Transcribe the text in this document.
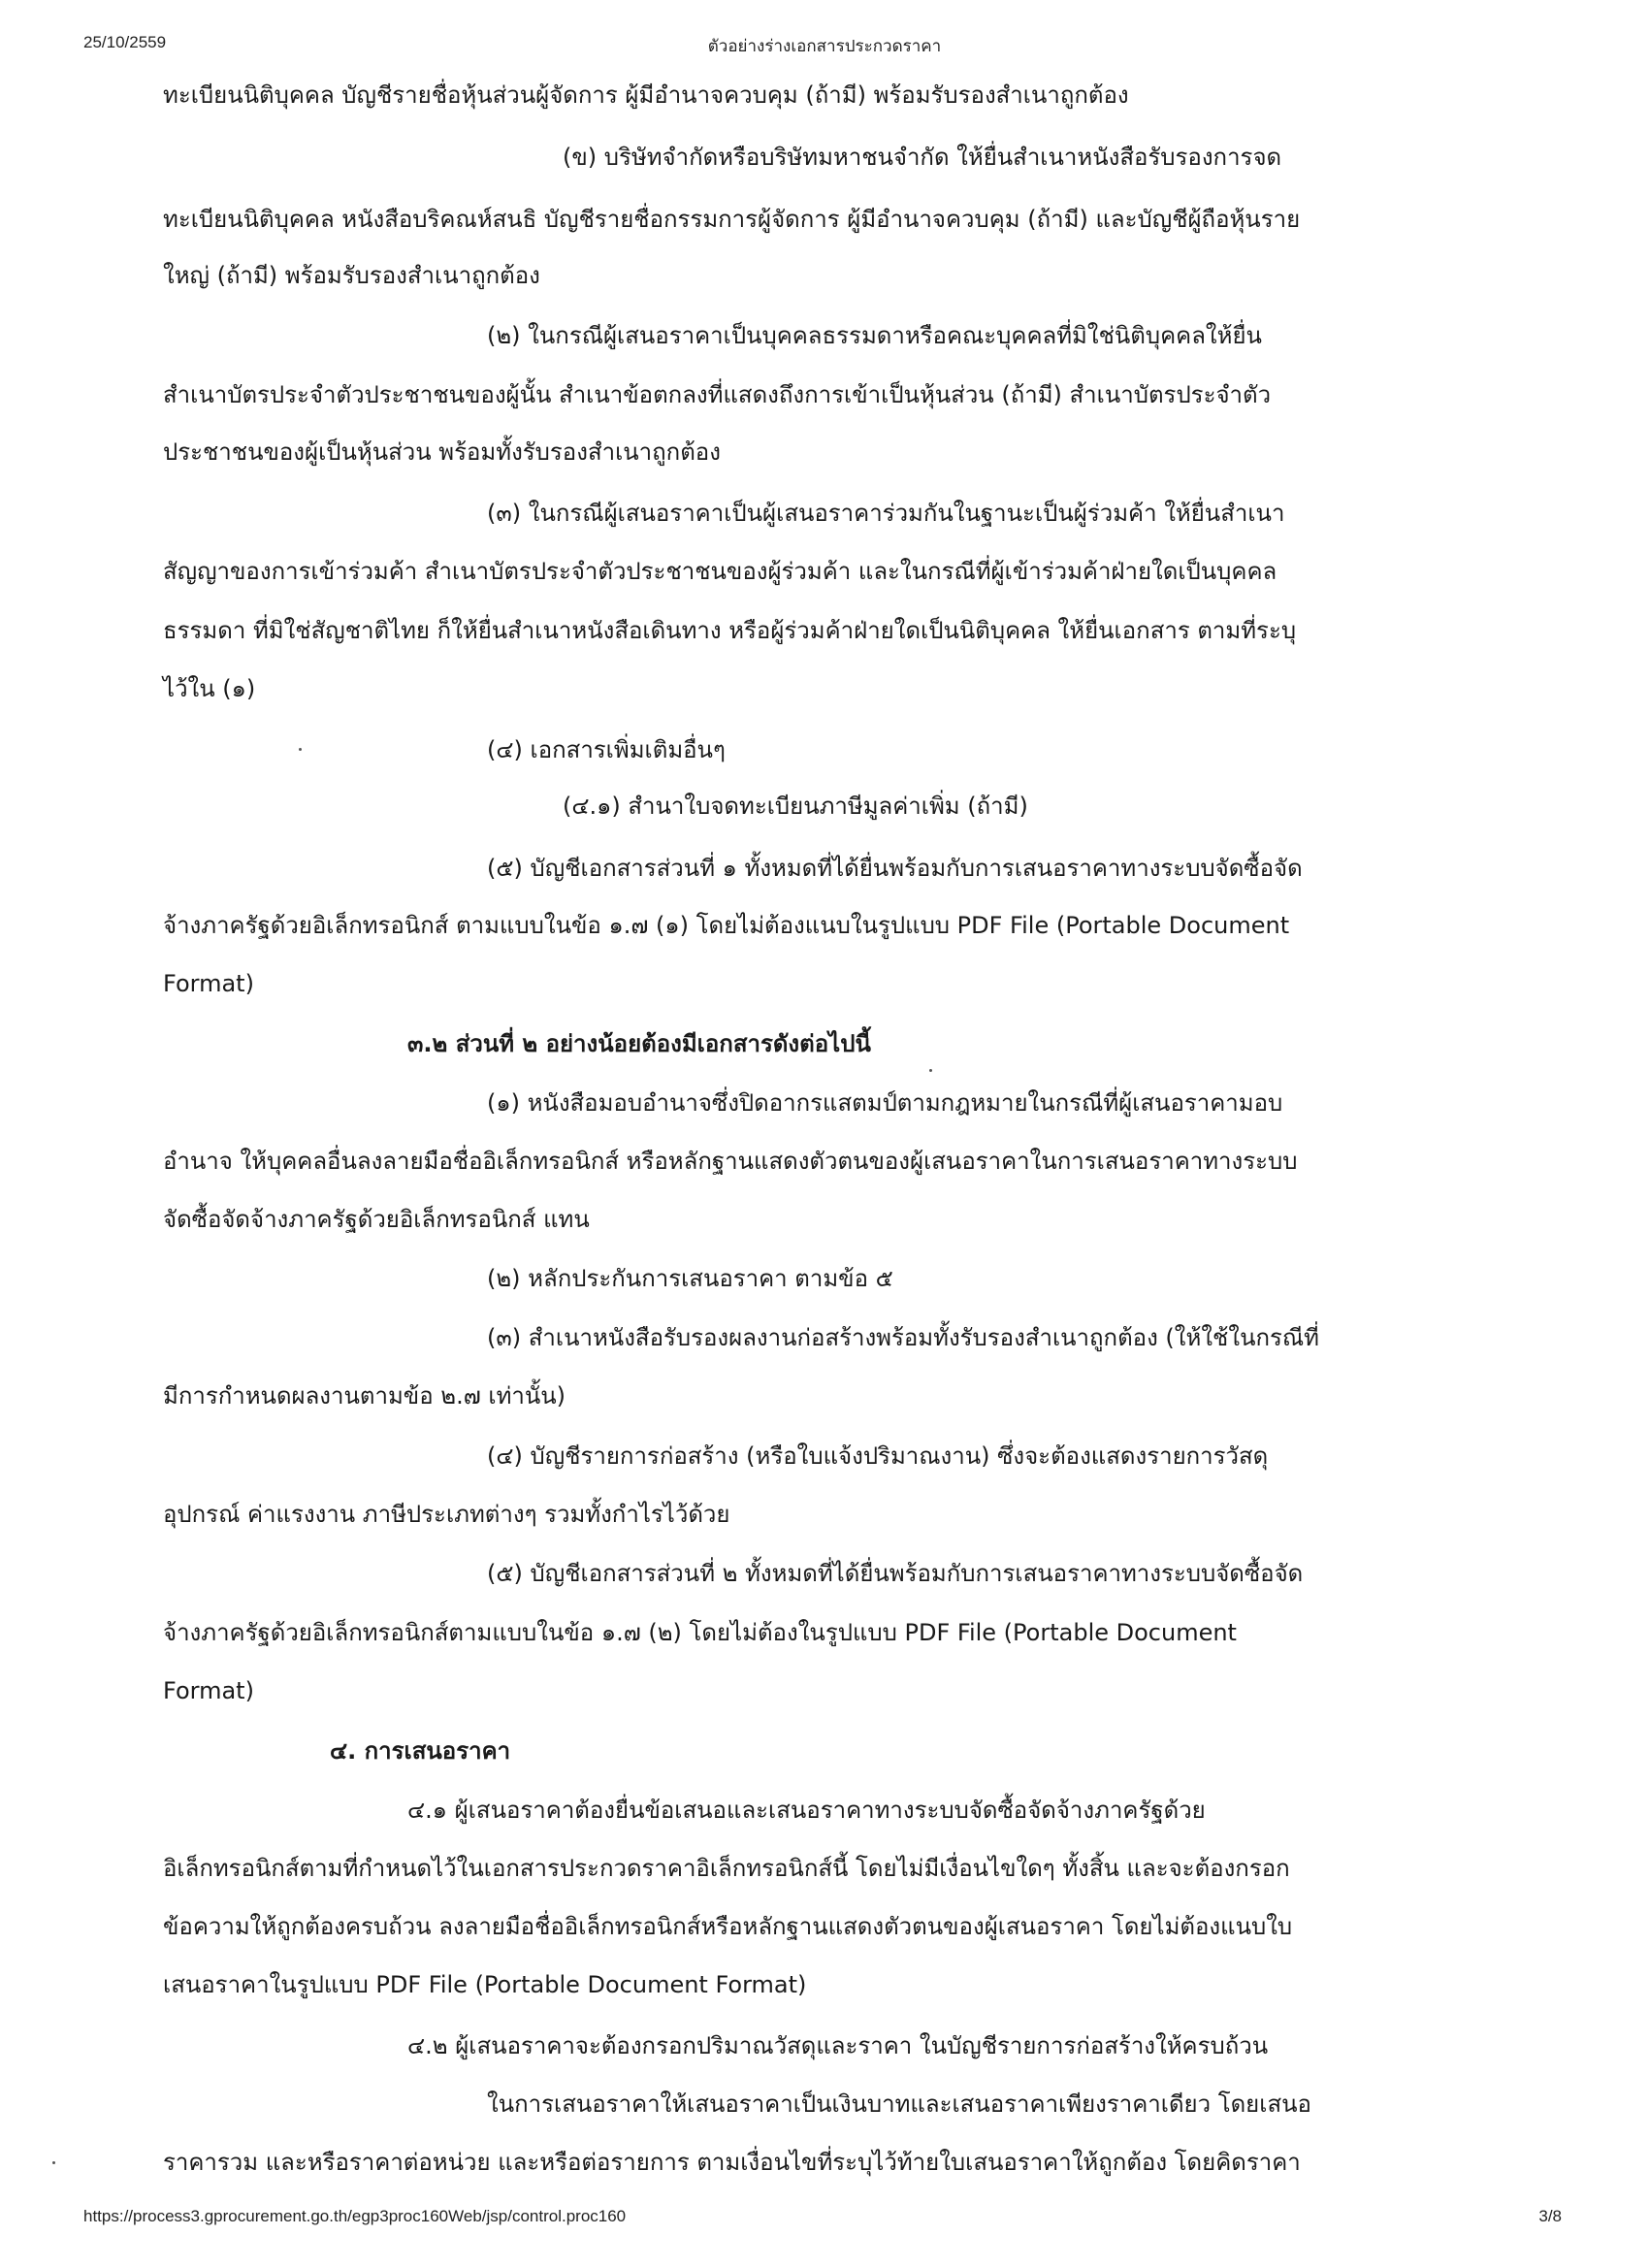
25/10/2559	ตัวอย่างร่างเอกสารประกวดราคา

ทะเบียนนิติบุคคล บัญชีรายชื่อหุ้นส่วนผู้จัดการ ผู้มีอำนาจควบคุม (ถ้ามี) พร้อมรับรองสำเนาถูกต้อง

(ข) บริษัทจำกัดหรือบริษัทมหาชนจำกัด ให้ยื่นสำเนาหนังสือรับรองการจด

ทะเบียนนิติบุคคล หนังสือบริคณห์สนธิ บัญชีรายชื่อกรรมการผู้จัดการ ผู้มีอำนาจควบคุม (ถ้ามี) และบัญชีผู้ถือหุ้นราย

ใหญ่ (ถ้ามี) พร้อมรับรองสำเนาถูกต้อง

(๒) ในกรณีผู้เสนอราคาเป็นบุคคลธรรมดาหรือคณะบุคคลที่มิใช่นิติบุคคลให้ยื่น

สำเนาบัตรประจำตัวประชาชนของผู้นั้น สำเนาข้อตกลงที่แสดงถึงการเข้าเป็นหุ้นส่วน (ถ้ามี) สำเนาบัตรประจำตัว

ประชาชนของผู้เป็นหุ้นส่วน พร้อมทั้งรับรองสำเนาถูกต้อง

(๓) ในกรณีผู้เสนอราคาเป็นผู้เสนอราคาร่วมกันในฐานะเป็นผู้ร่วมค้า ให้ยื่นสำเนา

สัญญาของการเข้าร่วมค้า สำเนาบัตรประจำตัวประชาชนของผู้ร่วมค้า และในกรณีที่ผู้เข้าร่วมค้าฝ่ายใดเป็นบุคคล

ธรรมดา ที่มิใช่สัญชาติไทย ก็ให้ยื่นสำเนาหนังสือเดินทาง หรือผู้ร่วมค้าฝ่ายใดเป็นนิติบุคคล ให้ยื่นเอกสาร ตามที่ระบุ

ไว้ใน (๑)

(๔) เอกสารเพิ่มเติมอื่นๆ

(๔.๑) สำนาใบจดทะเบียนภาษีมูลค่าเพิ่ม (ถ้ามี)

(๕) บัญชีเอกสารส่วนที่ ๑ ทั้งหมดที่ได้ยื่นพร้อมกับการเสนอราคาทางระบบจัดซื้อจัด

จ้างภาครัฐด้วยอิเล็กทรอนิกส์ ตามแบบในข้อ ๑.๗ (๑) โดยไม่ต้องแนบในรูปแบบ PDF File (Portable Document

Format)

๓.๒ ส่วนที่ ๒ อย่างน้อยต้องมีเอกสารดังต่อไปนี้

(๑) หนังสือมอบอำนาจซึ่งปิดอากรแสตมป์ตามกฎหมายในกรณีที่ผู้เสนอราคามอบ

อำนาจ ให้บุคคลอื่นลงลายมือชื่ออิเล็กทรอนิกส์ หรือหลักฐานแสดงตัวตนของผู้เสนอราคาในการเสนอราคาทางระบบ

จัดซื้อจัดจ้างภาครัฐด้วยอิเล็กทรอนิกส์ แทน

(๒) หลักประกันการเสนอราคา ตามข้อ ๕

(๓) สำเนาหนังสือรับรองผลงานก่อสร้างพร้อมทั้งรับรองสำเนาถูกต้อง (ให้ใช้ในกรณีที่

มีการกำหนดผลงานตามข้อ ๒.๗ เท่านั้น)

(๔) บัญชีรายการก่อสร้าง (หรือใบแจ้งปริมาณงาน) ซึ่งจะต้องแสดงรายการวัสดุ

อุปกรณ์ ค่าแรงงาน ภาษีประเภทต่างๆ รวมทั้งกำไรไว้ด้วย

(๕) บัญชีเอกสารส่วนที่ ๒ ทั้งหมดที่ได้ยื่นพร้อมกับการเสนอราคาทางระบบจัดซื้อจัด

จ้างภาครัฐด้วยอิเล็กทรอนิกส์ตามแบบในข้อ ๑.๗ (๒) โดยไม่ต้องในรูปแบบ PDF File (Portable Document

Format)

๔. การเสนอราคา

๔.๑ ผู้เสนอราคาต้องยื่นข้อเสนอและเสนอราคาทางระบบจัดซื้อจัดจ้างภาครัฐด้วย

อิเล็กทรอนิกส์ตามที่กำหนดไว้ในเอกสารประกวดราคาอิเล็กทรอนิกส์นี้ โดยไม่มีเงื่อนไขใดๆ ทั้งสิ้น และจะต้องกรอก

ข้อความให้ถูกต้องครบถ้วน ลงลายมือชื่ออิเล็กทรอนิกส์หรือหลักฐานแสดงตัวตนของผู้เสนอราคา โดยไม่ต้องแนบใบ

เสนอราคาในรูปแบบ PDF File (Portable Document Format)

๔.๒ ผู้เสนอราคาจะต้องกรอกปริมาณวัสดุและราคา ในบัญชีรายการก่อสร้างให้ครบถ้วน

ในการเสนอราคาให้เสนอราคาเป็นเงินบาทและเสนอราคาเพียงราคาเดียว โดยเสนอ

ราคารวม และหรือราคาต่อหน่วย และหรือต่อรายการ ตามเงื่อนไขที่ระบุไว้ท้ายใบเสนอราคาให้ถูกต้อง โดยคิดราคา

https://process3.gprocurement.go.th/egp3proc160Web/jsp/control.proc160	3/8
